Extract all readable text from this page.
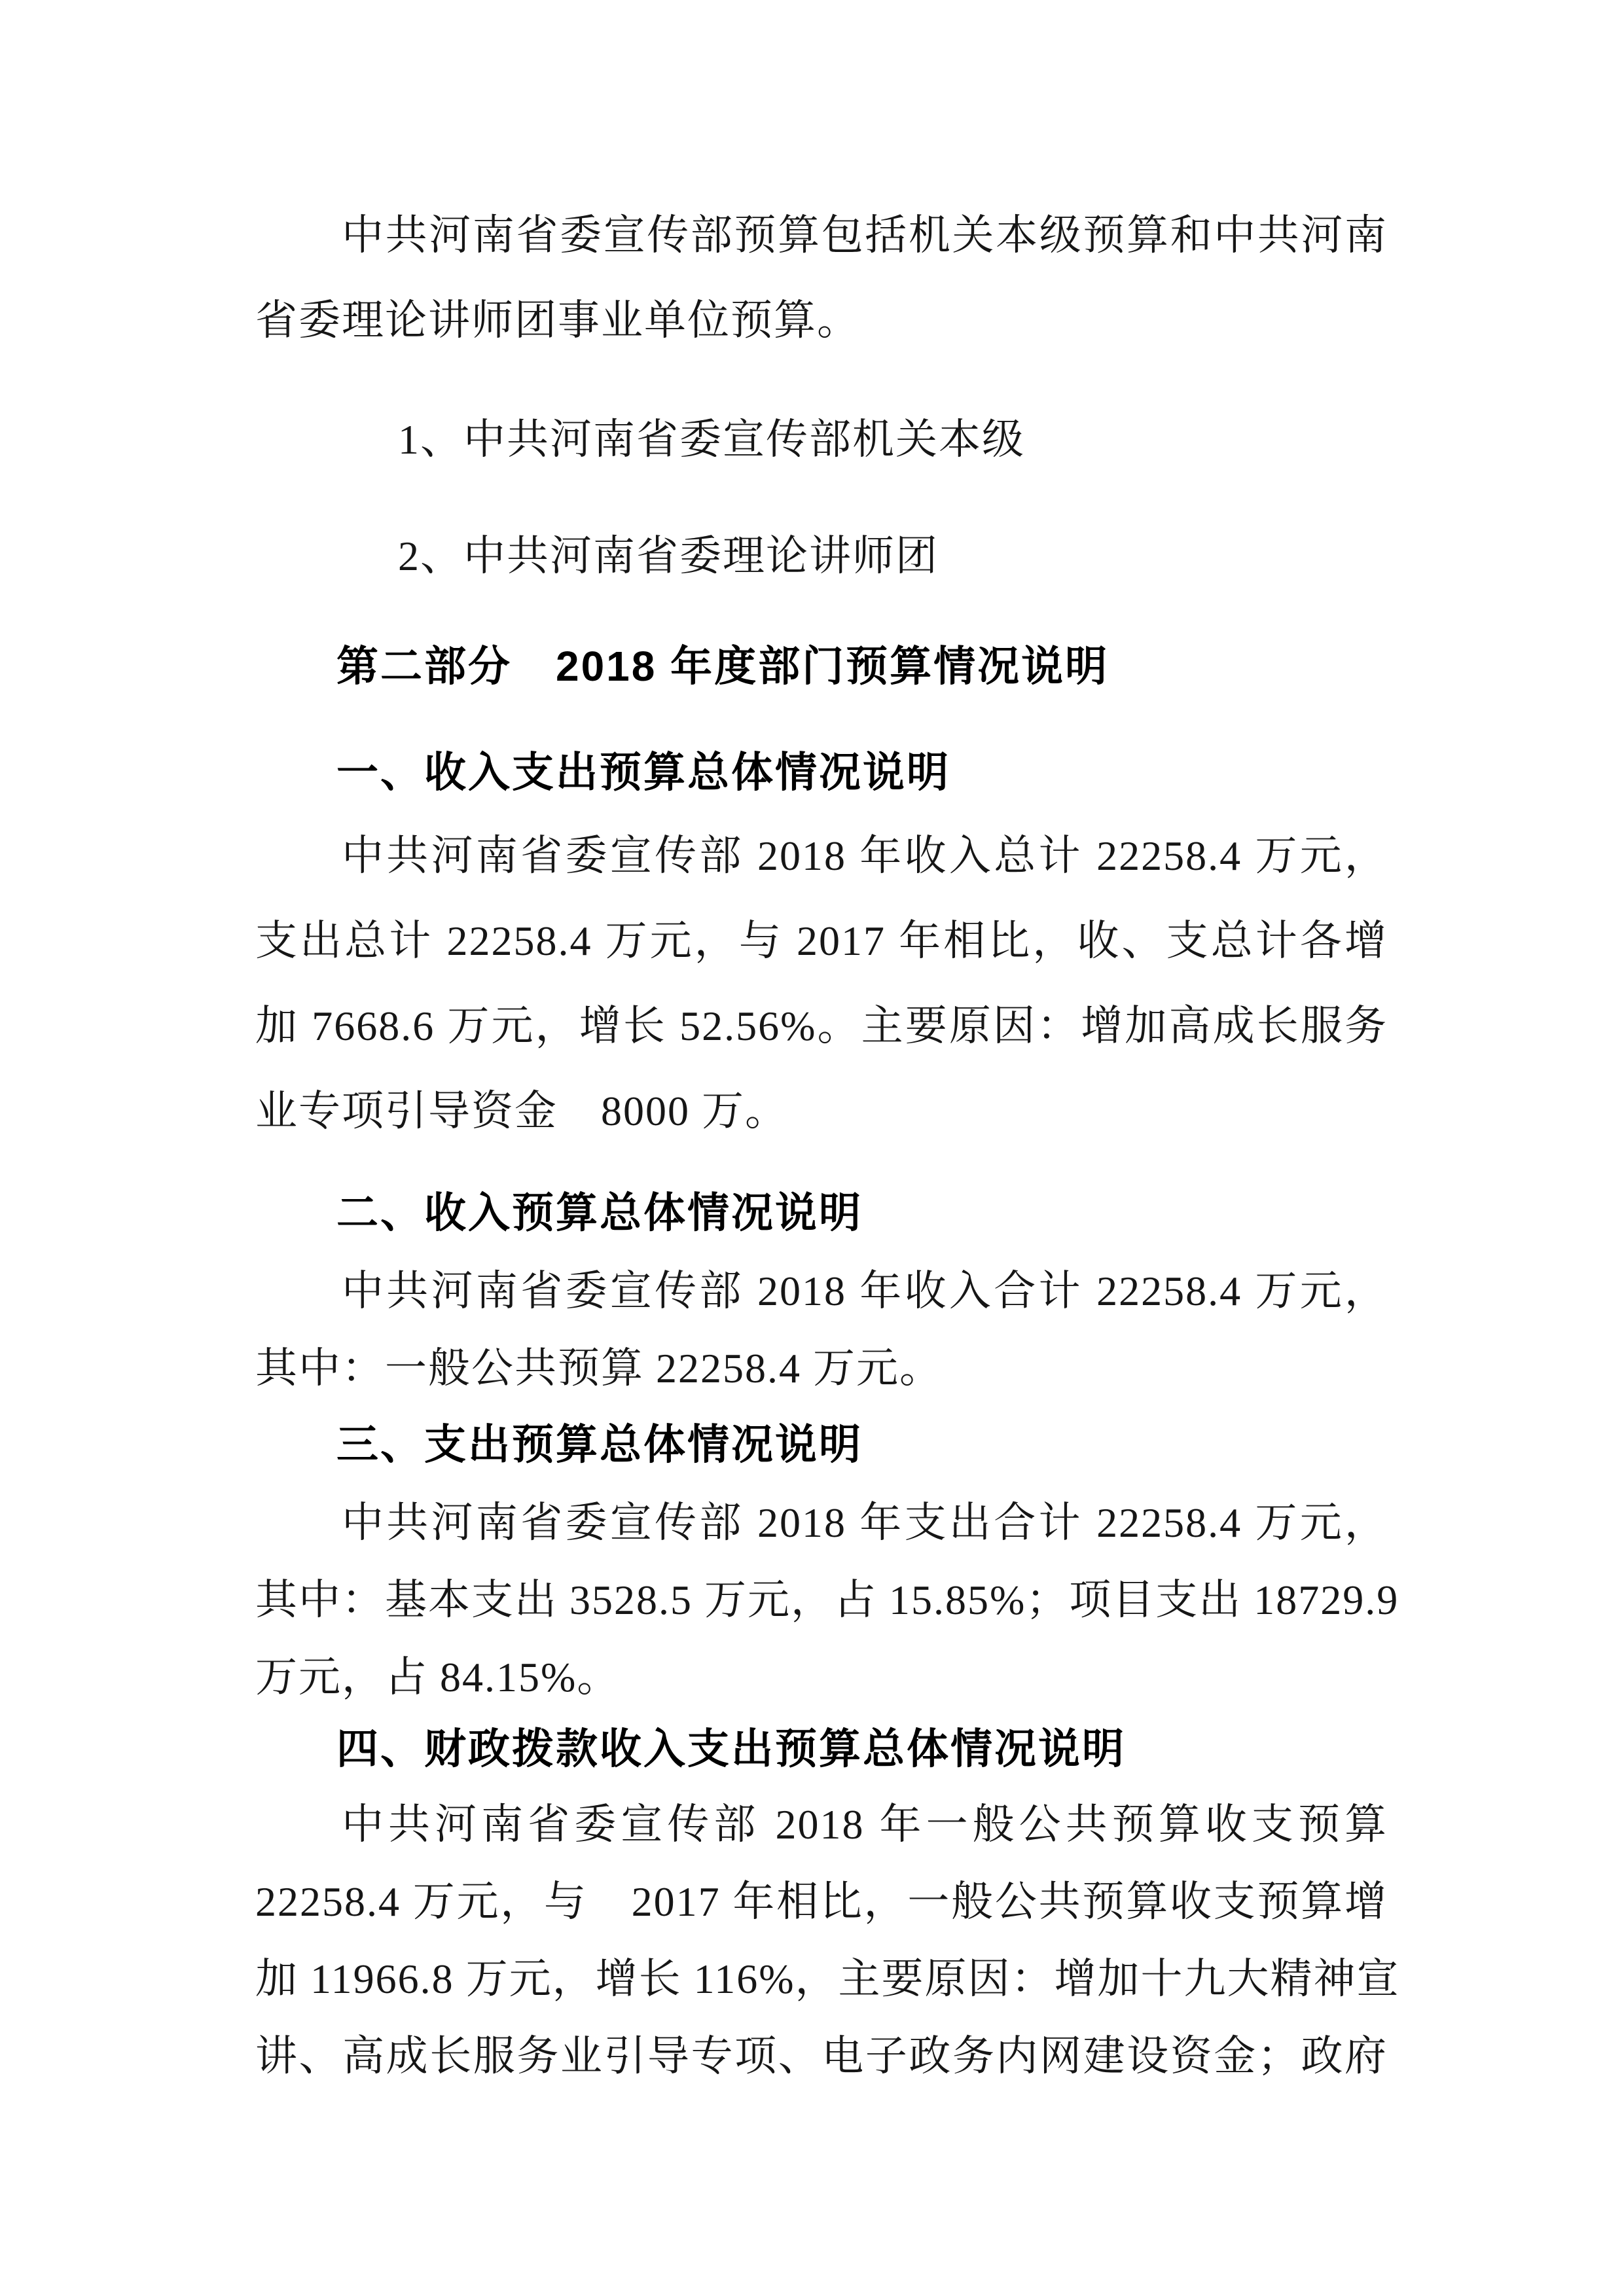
中共河南省委宣传部预算包括机关本级预算和中共河南
省委理论讲师团事业单位预算。
1、中共河南省委宣传部机关本级
2、中共河南省委理论讲师团
第二部分　2018 年度部门预算情况说明
一、收入支出预算总体情况说明
中共河南省委宣传部 2018 年收入总计 22258.4 万元，
支出总计 22258.4 万元，与 2017 年相比，收、支总计各增
加 7668.6 万元，增长 52.56%。主要原因：增加高成长服务
业专项引导资金　8000 万。
二、收入预算总体情况说明
中共河南省委宣传部 2018 年收入合计 22258.4 万元，
其中：一般公共预算 22258.4 万元。
三、支出预算总体情况说明
中共河南省委宣传部 2018 年支出合计 22258.4 万元，
其中：基本支出 3528.5 万元，占 15.85%；项目支出 18729.9
万元，占 84.15%。
四、财政拨款收入支出预算总体情况说明
中共河南省委宣传部 2018 年一般公共预算收支预算
22258.4 万元，与　2017 年相比，一般公共预算收支预算增
加 11966.8 万元，增长 116%，主要原因：增加十九大精神宣
讲、高成长服务业引导专项、电子政务内网建设资金；政府
